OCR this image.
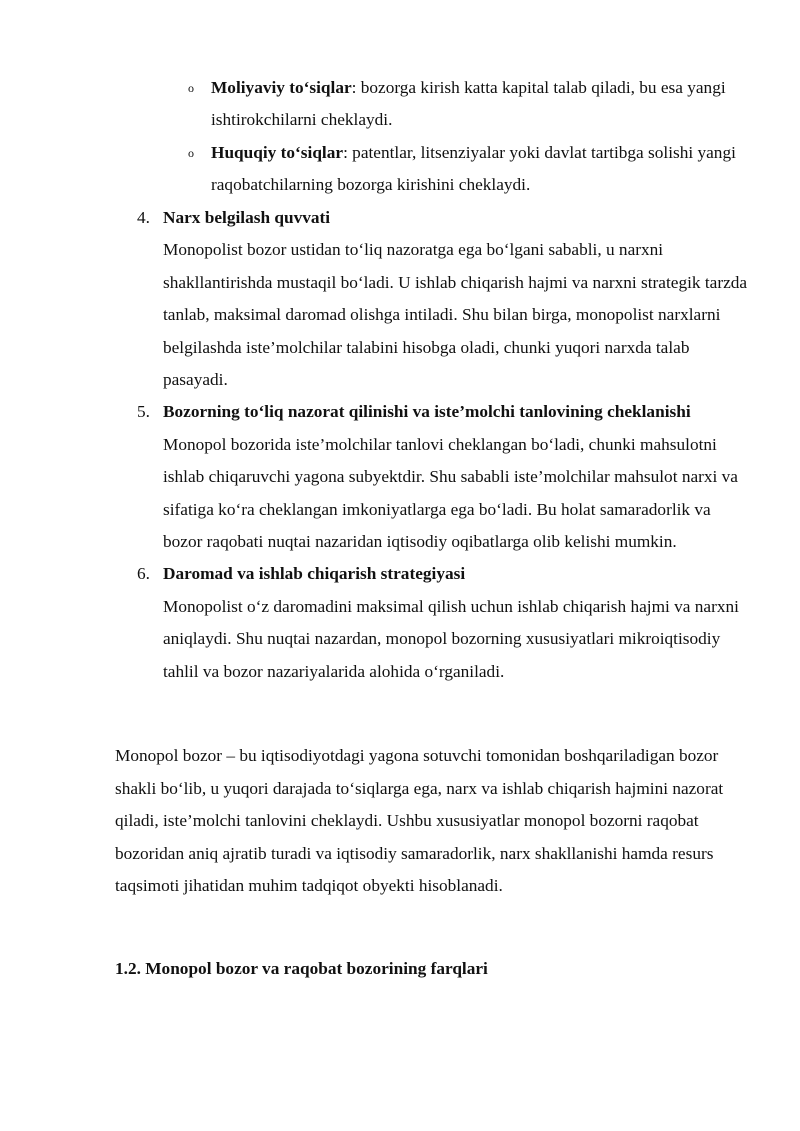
o Moliyaviy to‘siqlar: bozorga kirish katta kapital talab qiladi, bu esa yangi ishtirokchilarni cheklaydi.
o Huquqiy to‘siqlar: patentlar, litsenziyalar yoki davlat tartibga solishi yangi raqobatchilarning bozorga kirishini cheklaydi.
4. Narx belgilash quvvati
Monopolist bozor ustidan to‘liq nazoratga ega bo‘lgani sababli, u narxni shakllantirishda mustaqil bo‘ladi. U ishlab chiqarish hajmi va narxni strategik tarzda tanlab, maksimal daromad olishga intiladi. Shu bilan birga, monopolist narxlarni belgilashda iste’molchilar talabini hisobga oladi, chunki yuqori narxda talab pasayadi.
5. Bozorning to‘liq nazorat qilinishi va iste’molchi tanlovining cheklanishi
Monopol bozorida iste’molchilar tanlovi cheklangan bo‘ladi, chunki mahsulotni ishlab chiqaruvchi yagona subyektdir. Shu sababli iste’molchilar mahsulot narxi va sifatiga ko‘ra cheklangan imkoniyatlarga ega bo‘ladi. Bu holat samaradorlik va bozor raqobati nuqtai nazaridan iqtisodiy oqibatlarga olib kelishi mumkin.
6. Daromad va ishlab chiqarish strategiyasi
Monopolist o‘z daromadini maksimal qilish uchun ishlab chiqarish hajmi va narxni aniqlaydi. Shu nuqtai nazardan, monopol bozorning xususiyatlari mikroiqtisodiy tahlil va bozor nazariyalarida alohida o‘rganiladi.
Monopol bozor – bu iqtisodiyotdagi yagona sotuvchi tomonidan boshqariladigan bozor shakli bo‘lib, u yuqori darajada to‘siqlarga ega, narx va ishlab chiqarish hajmini nazorat qiladi, iste’molchi tanlovini cheklaydi. Ushbu xususiyatlar monopol bozorni raqobat bozoridan aniq ajratib turadi va iqtisodiy samaradorlik, narx shakllanishi hamda resurs taqsimoti jihatidan muhim tadqiqot obyekti hisoblanadi.
1.2. Monopol bozor va raqobat bozorining farqlari
